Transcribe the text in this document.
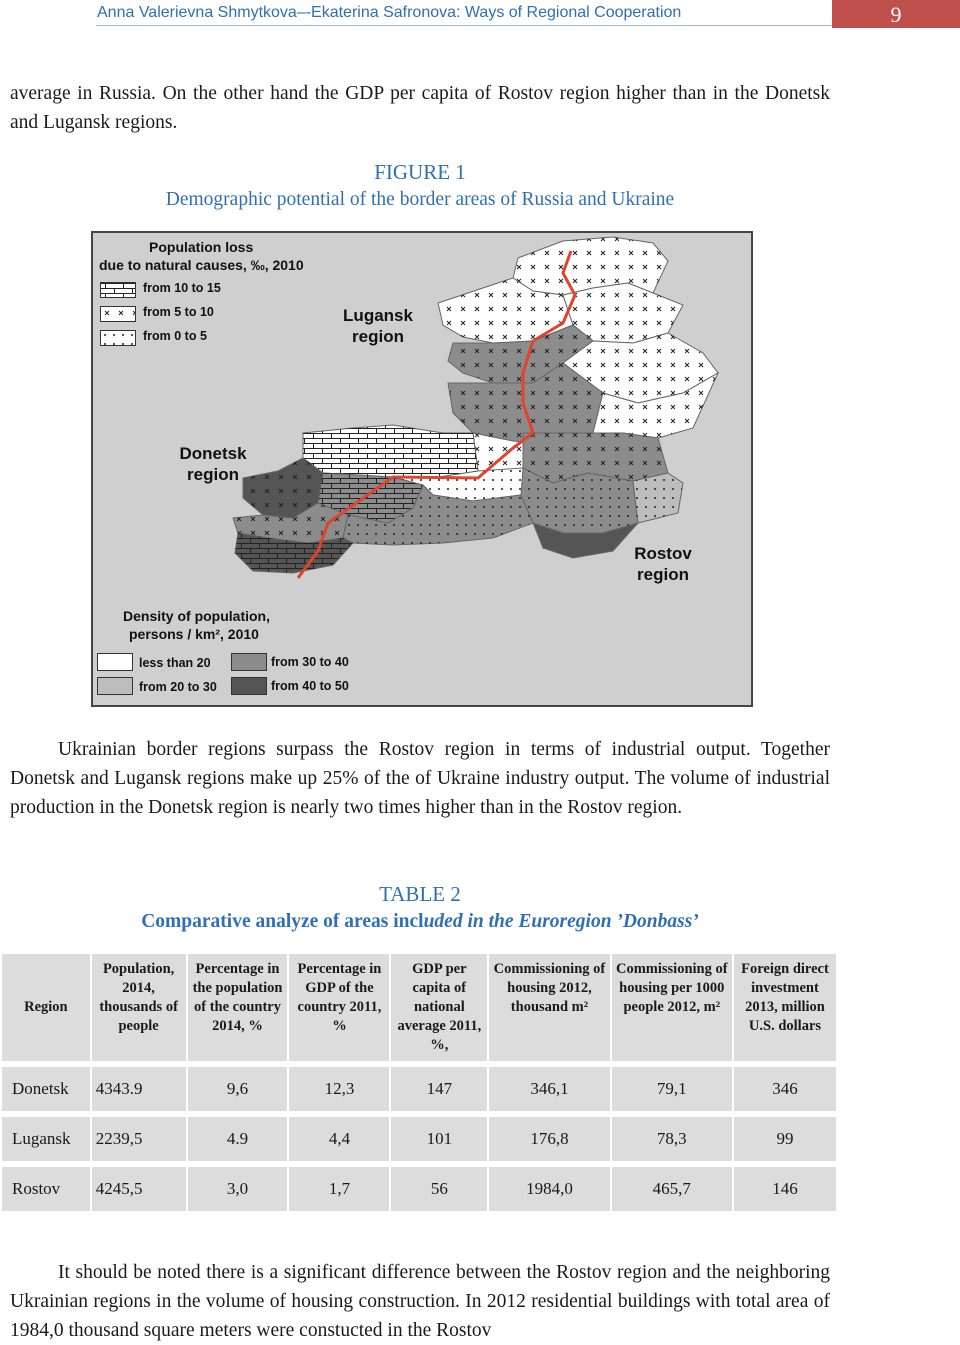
Anna Valerievna Shmytkova–-Ekaterina Safronova: Ways of Regional Cooperation	9

average in Russia. On the other hand the GDP per capita of Rostov region higher than in the Donetsk and Lugansk regions.

FIGURE 1
Demographic potential of the border areas of Russia and Ukraine
Population loss
due to natural causes, ‰, 2010
from 10 to 15
from 5 to 10
from 0 to 5
Lugansk
region
Donetsk
region
Rostov
region
Density of population,
persons / km², 2010
less than 20	from 30 to 40
from 20 to 30	from 40 to 50

Ukrainian border regions surpass the Rostov region in terms of industrial output. Together Donetsk and Lugansk regions make up 25% of the of Ukraine industry output. The volume of industrial production in the Donetsk region is nearly two times higher than in the Rostov region.

TABLE 2
Comparative analyze of areas included in the Euroregion ’Donbass’
Region	Population, 2014, thousands of people	Percentage in the population of the country 2014, %	Percentage in GDP of the country 2011, %	GDP per capita of national average 2011, %,	Commissioning of housing 2012, thousand m²	Commissioning of housing per 1000 people 2012, m²	Foreign direct investment 2013, million U.S. dollars

Donetsk	4343.9	9,6	12,3	147	346,1	79,1	346

Lugansk	2239,5	4.9	4,4	101	176,8	78,3	99

Rostov	4245,5	3,0	1,7	56	1984,0	465,7	146

It should be noted there is a significant difference between the Rostov region and the neighboring Ukrainian regions in the volume of housing construction. In 2012 residential buildings with total area of 1984,0 thousand square meters were constucted in the Rostov
